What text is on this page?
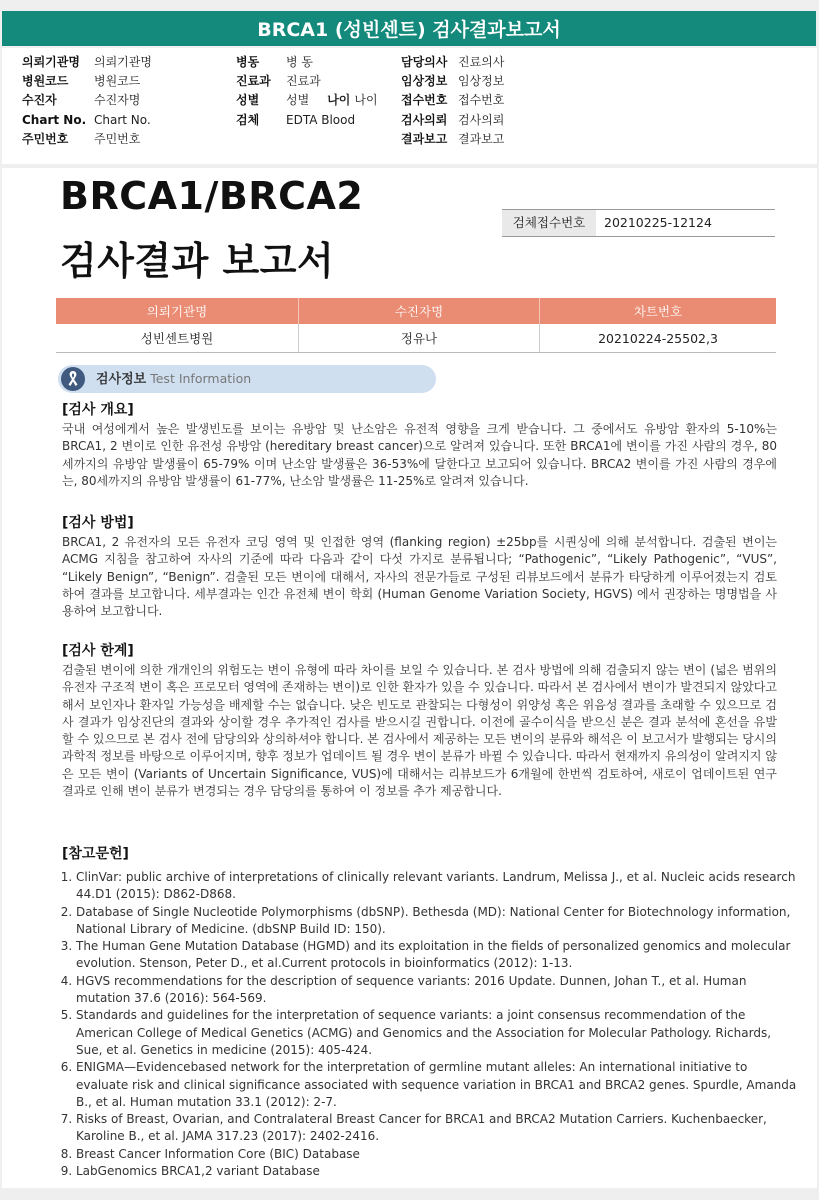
BRCA1 (성빈센트) 검사결과보고서
의뢰기관명 의뢰기관명
병원코드 병원코드
수진자	수진자명
Chart No. Chart No.
주민번호 주민번호
병동 병 동
진료과 진료과
성별 성별 나이 나이
검체 EDTA Blood
담당의사 진료의사
임상정보 임상정보
접수번호 접수번호
검사의뢰 검사의뢰
결과보고 결과보고
BRCA1/BRCA2
검사결과 보고서
검체접수번호	20210225-12124
의뢰기관명	수진자명	차트번호
성빈센트병원	정유나	20210224-25502,3
검사정보 Test Information
[검사 개요]

국내 여성에게서 높은 발생빈도를 보이는 유방암 및 난소암은 유전적 영향을 크게 받습니다. 그 중에서도 유방암 환자의 5-10%는 BRCA1, 2 변이로 인한 유전성 유방암 (hereditary breast cancer)으로 알려져 있습니다. 또한 BRCA1에 변이를 가진 사람의 경우, 80세까지의 유방암 발생률이 65-79% 이며 난소암 발생률은 36-53%에 달한다고 보고되어 있습니다. BRCA2 변이를 가진 사람의 경우에는, 80세까지의 유방암 발생률이 61-77%, 난소암 발생률은 11-25%로 알려져 있습니다.

[검사 방법]

BRCA1, 2 유전자의 모든 유전자 코딩 영역 및 인접한 영역 (flanking region) ±25bp를 시퀀싱에 의해 분석합니다. 검출된 변이는 ACMG 지침을 참고하여 자사의 기준에 따라 다음과 같이 다섯 가지로 분류됩니다; “Pathogenic”, “Likely Pathogenic”, “VUS”, “Likely Benign”, “Benign”. 검출된 모든 변이에 대해서, 자사의 전문가들로 구성된 리뷰보드에서 분류가 타당하게 이루어졌는지 검토하여 결과를 보고합니다. 세부결과는 인간 유전체 변이 학회 (Human Genome Variation Society, HGVS) 에서 권장하는 명명법을 사용하여 보고합니다.

[검사 한계]

검출된 변이에 의한 개개인의 위험도는 변이 유형에 따라 차이를 보일 수 있습니다. 본 검사 방법에 의해 검출되지 않는 변이 (넓은 범위의 유전자 구조적 변이 혹은 프로모터 영역에 존재하는 변이)로 인한 환자가 있을 수 있습니다. 따라서 본 검사에서 변이가 발견되지 않았다고 해서 보인자나 환자일 가능성을 배제할 수는 없습니다. 낮은 빈도로 관찰되는 다형성이 위양성 혹은 위음성 결과를 초래할 수 있으므로 검사 결과가 임상진단의 결과와 상이할 경우 추가적인 검사를 받으시길 권합니다. 이전에 골수이식을 받으신 분은 결과 분석에 혼선을 유발할 수 있으므로 본 검사 전에 담당의와 상의하셔야 합니다. 본 검사에서 제공하는 모든 변이의 분류와 해석은 이 보고서가 발행되는 당시의 과학적 정보를 바탕으로 이루어지며, 향후 정보가 업데이트 될 경우 변이 분류가 바뀔 수 있습니다. 따라서 현재까지 유의성이 알려지지 않은 모든 변이 (Variants of Uncertain Significance, VUS)에 대해서는 리뷰보드가 6개월에 한번씩 검토하여, 새로이 업데이트된 연구 결과로 인해 변이 분류가 변경되는 경우 담당의를 통하여 이 정보를 추가 제공합니다.

[참고문헌]
1. ClinVar: public archive of interpretations of clinically relevant variants. Landrum, Melissa J., et al. Nucleic acids research 44.D1 (2015): D862-D868.
2. Database of Single Nucleotide Polymorphisms (dbSNP). Bethesda (MD): National Center for Biotechnology information, National Library of Medicine. (dbSNP Build ID: 150).
3. The Human Gene Mutation Database (HGMD) and its exploitation in the fields of personalized genomics and molecular evolution. Stenson, Peter D., et al.Current protocols in bioinformatics (2012): 1-13.
4. HGVS recommendations for the description of sequence variants: 2016 Update. Dunnen, Johan T., et al. Human mutation 37.6 (2016): 564-569.
5. Standards and guidelines for the interpretation of sequence variants: a joint consensus recommendation of the American College of Medical Genetics (ACMG) and Genomics and the Association for Molecular Pathology. Richards, Sue, et al. Genetics in medicine (2015): 405-424.
6. ENIGMA—Evidencebased network for the interpretation of germline mutant alleles: An international initiative to evaluate risk and clinical significance associated with sequence variation in BRCA1 and BRCA2 genes. Spurdle, Amanda B., et al. Human mutation 33.1 (2012): 2-7.
7. Risks of Breast, Ovarian, and Contralateral Breast Cancer for BRCA1 and BRCA2 Mutation Carriers. Kuchenbaecker, Karoline B., et al. JAMA 317.23 (2017): 2402-2416.
8. Breast Cancer Information Core (BIC) Database
9. LabGenomics BRCA1,2 variant Database
